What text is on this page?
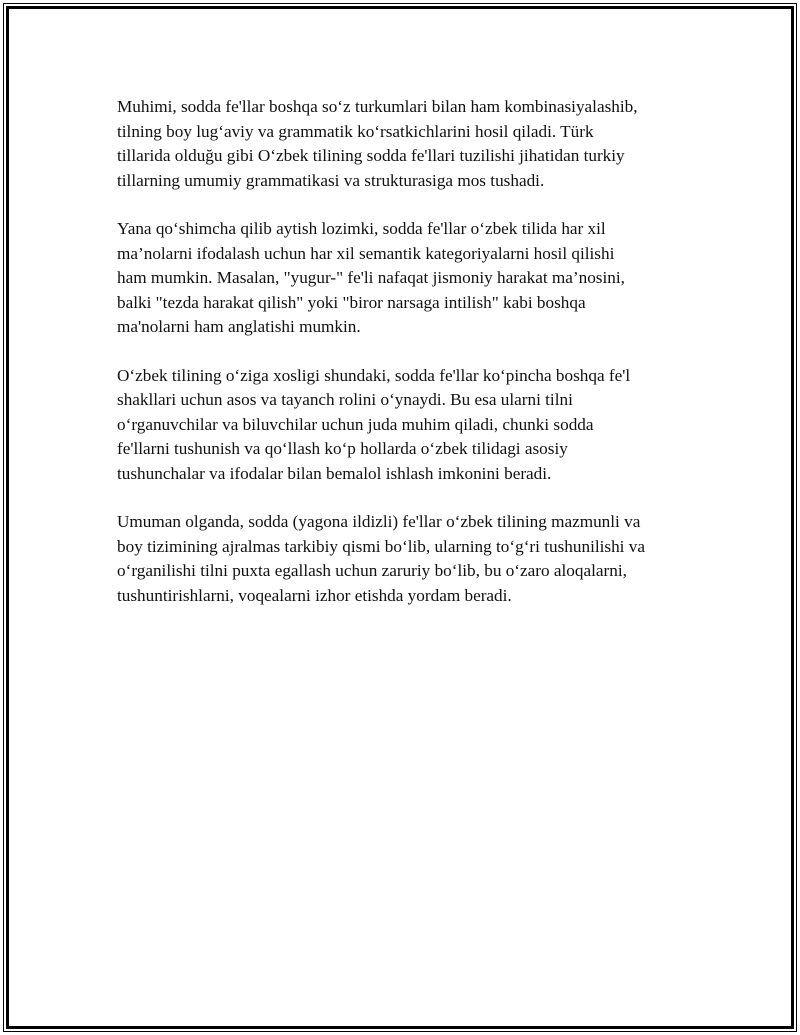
Muhimi, sodda fe'llar boshqa so‘z turkumlari bilan ham kombinasiyalashib,
tilning boy lug‘aviy va grammatik ko‘rsatkichlarini hosil qiladi. Türk
tillarida olduğu gibi O‘zbek tilining sodda fe'llari tuzilishi jihatidan turkiy
tillarning umumiy grammatikasi va strukturasiga mos tushadi.

Yana qo‘shimcha qilib aytish lozimki, sodda fe'llar o‘zbek tilida har xil
ma’nolarni ifodalash uchun har xil semantik kategoriyalarni hosil qilishi
ham mumkin. Masalan, "yugur-" fe'li nafaqat jismoniy harakat ma’nosini,
balki "tezda harakat qilish" yoki "biror narsaga intilish" kabi boshqa
ma'nolarni ham anglatishi mumkin.

O‘zbek tilining o‘ziga xosligi shundaki, sodda fe'llar ko‘pincha boshqa fe'l
shakllari uchun asos va tayanch rolini o‘ynaydi. Bu esa ularni tilni
o‘rganuvchilar va biluvchilar uchun juda muhim qiladi, chunki sodda
fe'llarni tushunish va qo‘llash ko‘p hollarda o‘zbek tilidagi asosiy
tushunchalar va ifodalar bilan bemalol ishlash imkonini beradi.

Umuman olganda, sodda (yagona ildizli) fe'llar o‘zbek tilining mazmunli va
boy tizimining ajralmas tarkibiy qismi bo‘lib, ularning to‘g‘ri tushunilishi va
o‘rganilishi tilni puxta egallash uchun zaruriy bo‘lib, bu o‘zaro aloqalarni,
tushuntirishlarni, voqealarni izhor etishda yordam beradi.
